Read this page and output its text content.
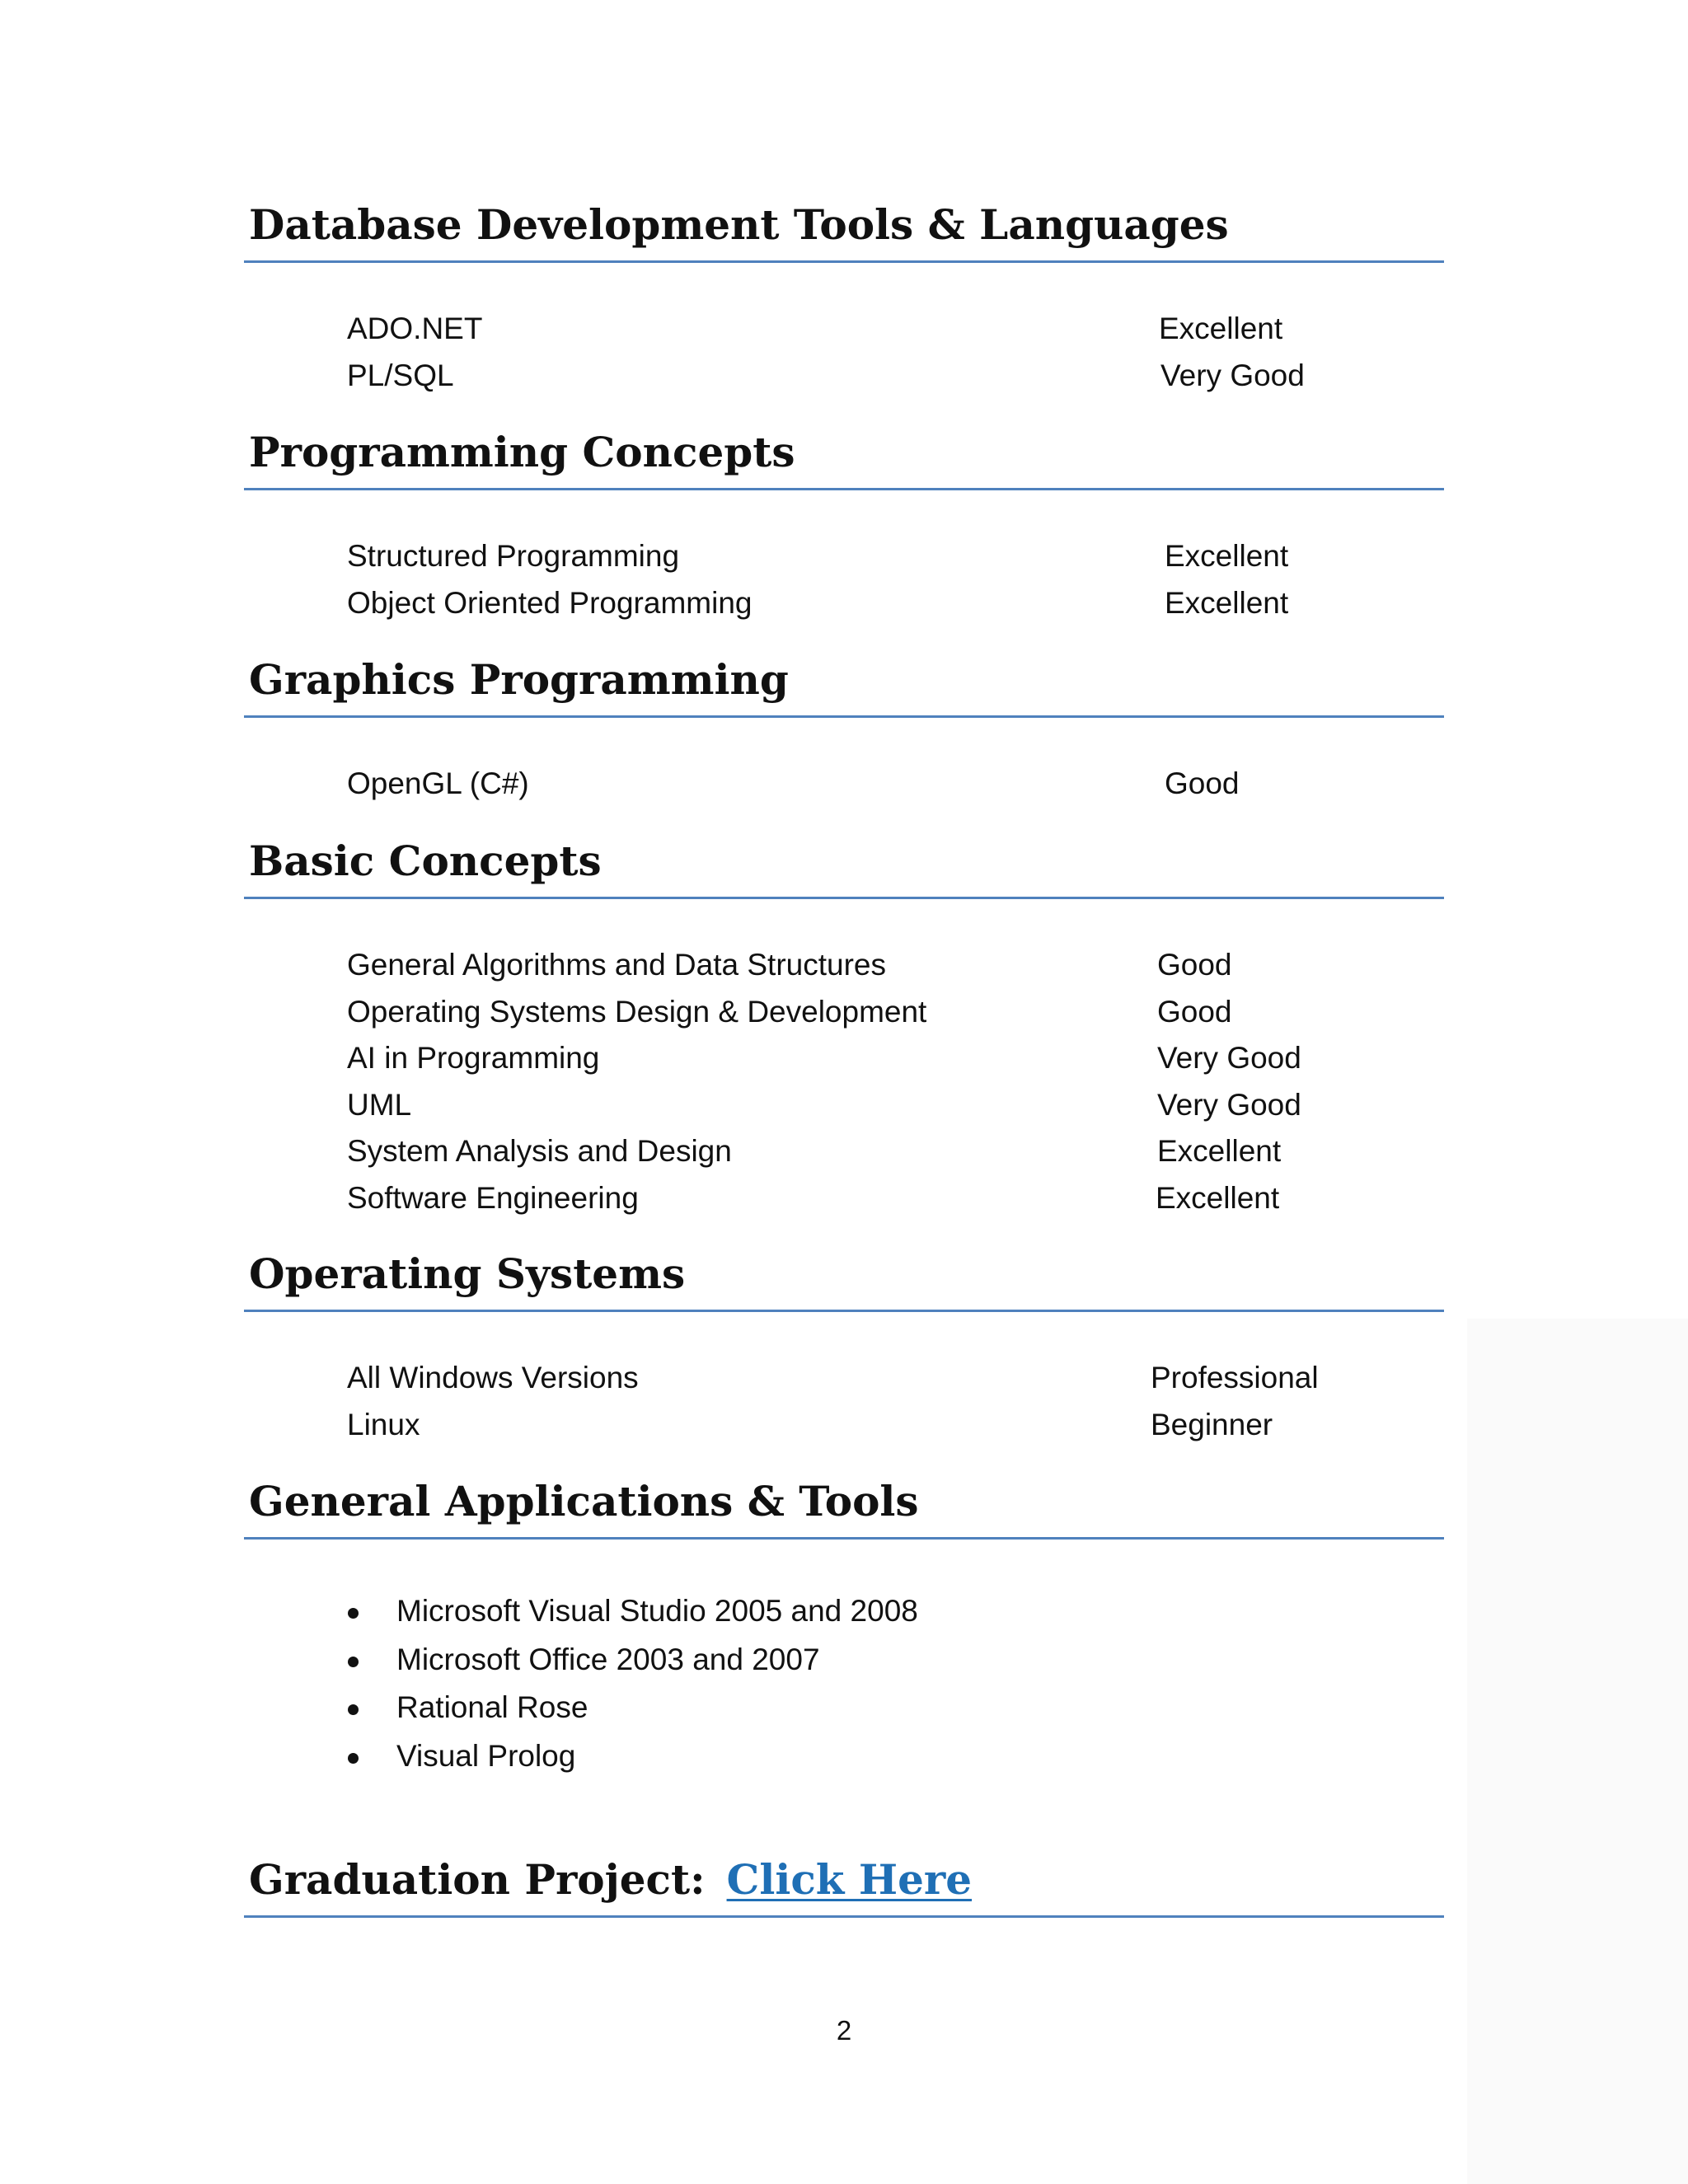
Database Development Tools & Languages
ADO.NET	Excellent
PL/SQL	Very Good
Programming Concepts
Structured Programming	Excellent
Object Oriented Programming	Excellent
Graphics Programming
OpenGL (C#)	Good
Basic Concepts
General Algorithms and Data Structures	Good
Operating Systems Design & Development	Good
AI in Programming	Very Good
UML	Very Good
System Analysis and Design	Excellent
Software Engineering	Excellent
Operating Systems
All Windows Versions	Professional
Linux	Beginner
General Applications & Tools
Microsoft Visual Studio 2005 and 2008
Microsoft Office 2003 and 2007
Rational Rose
Visual Prolog
Graduation Project: Click Here
2
